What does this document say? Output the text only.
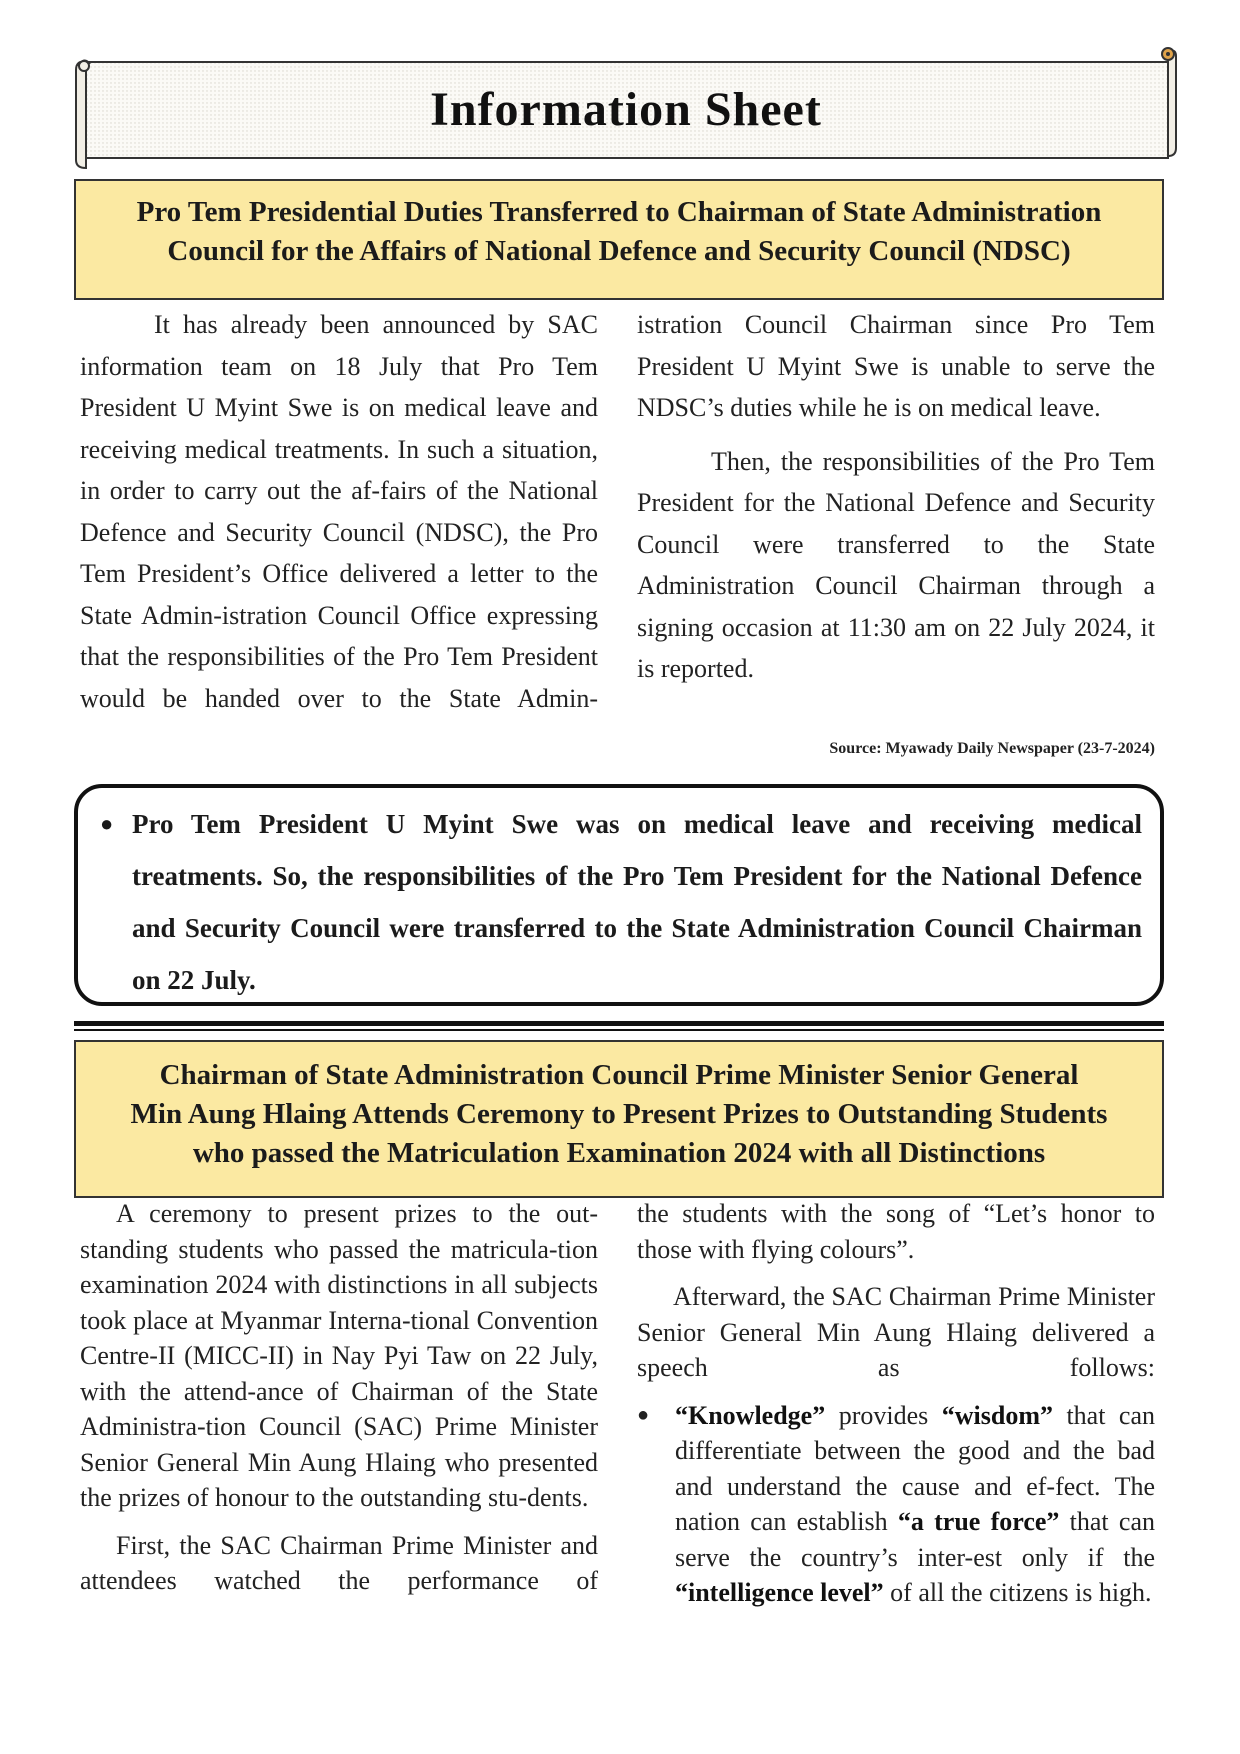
Information Sheet
Pro Tem Presidential Duties Transferred to Chairman of State Administration
Council for the Affairs of National Defence and Security Council (NDSC)

It has already been announced by SAC information team on 18 July that Pro Tem President U Myint Swe is on medical leave and receiving medical treatments. In such a situation, in order to carry out the af-fairs of the National Defence and Security Council (NDSC), the Pro Tem President’s Office delivered a letter to the State Admin-istration Council Office expressing that the responsibilities of the Pro Tem President would be handed over to the State Admin-

istration Council Chairman since Pro Tem President U Myint Swe is unable to serve the NDSC’s duties while he is on medical leave.

Then, the responsibilities of the Pro Tem President for the National Defence and Security Council were transferred to the State Administration Council Chairman through a signing occasion at 11:30 am on 22 July 2024, it is reported.

Source: Myawady Daily Newspaper (23-7-2024)
● Pro Tem President U Myint Swe was on medical leave and receiving medical treatments. So, the responsibilities of the Pro Tem President for the National Defence and Security Council were transferred to the State Administration Council Chairman on 22 July.
Chairman of State Administration Council Prime Minister Senior General
Min Aung Hlaing Attends Ceremony to Present Prizes to Outstanding Students
who passed the Matriculation Examination 2024 with all Distinctions

A ceremony to present prizes to the out-standing students who passed the matricula-tion examination 2024 with distinctions in all subjects took place at Myanmar Interna-tional Convention Centre-II (MICC-II) in Nay Pyi Taw on 22 July, with the attend-ance of Chairman of the State Administra-tion Council (SAC) Prime Minister Senior General Min Aung Hlaing who presented the prizes of honour to the outstanding stu-dents.

First, the SAC Chairman Prime Minister and attendees watched the performance of

the students with the song of “Let’s honor to those with flying colours”.

Afterward, the SAC Chairman Prime Minister Senior General Min Aung Hlaing delivered a speech as follows:

● “Knowledge” provides “wisdom” that can differentiate between the good and the bad and understand the cause and ef-fect. The nation can establish “a true force” that can serve the country’s inter-est only if the “intelligence level” of all the citizens is high.
